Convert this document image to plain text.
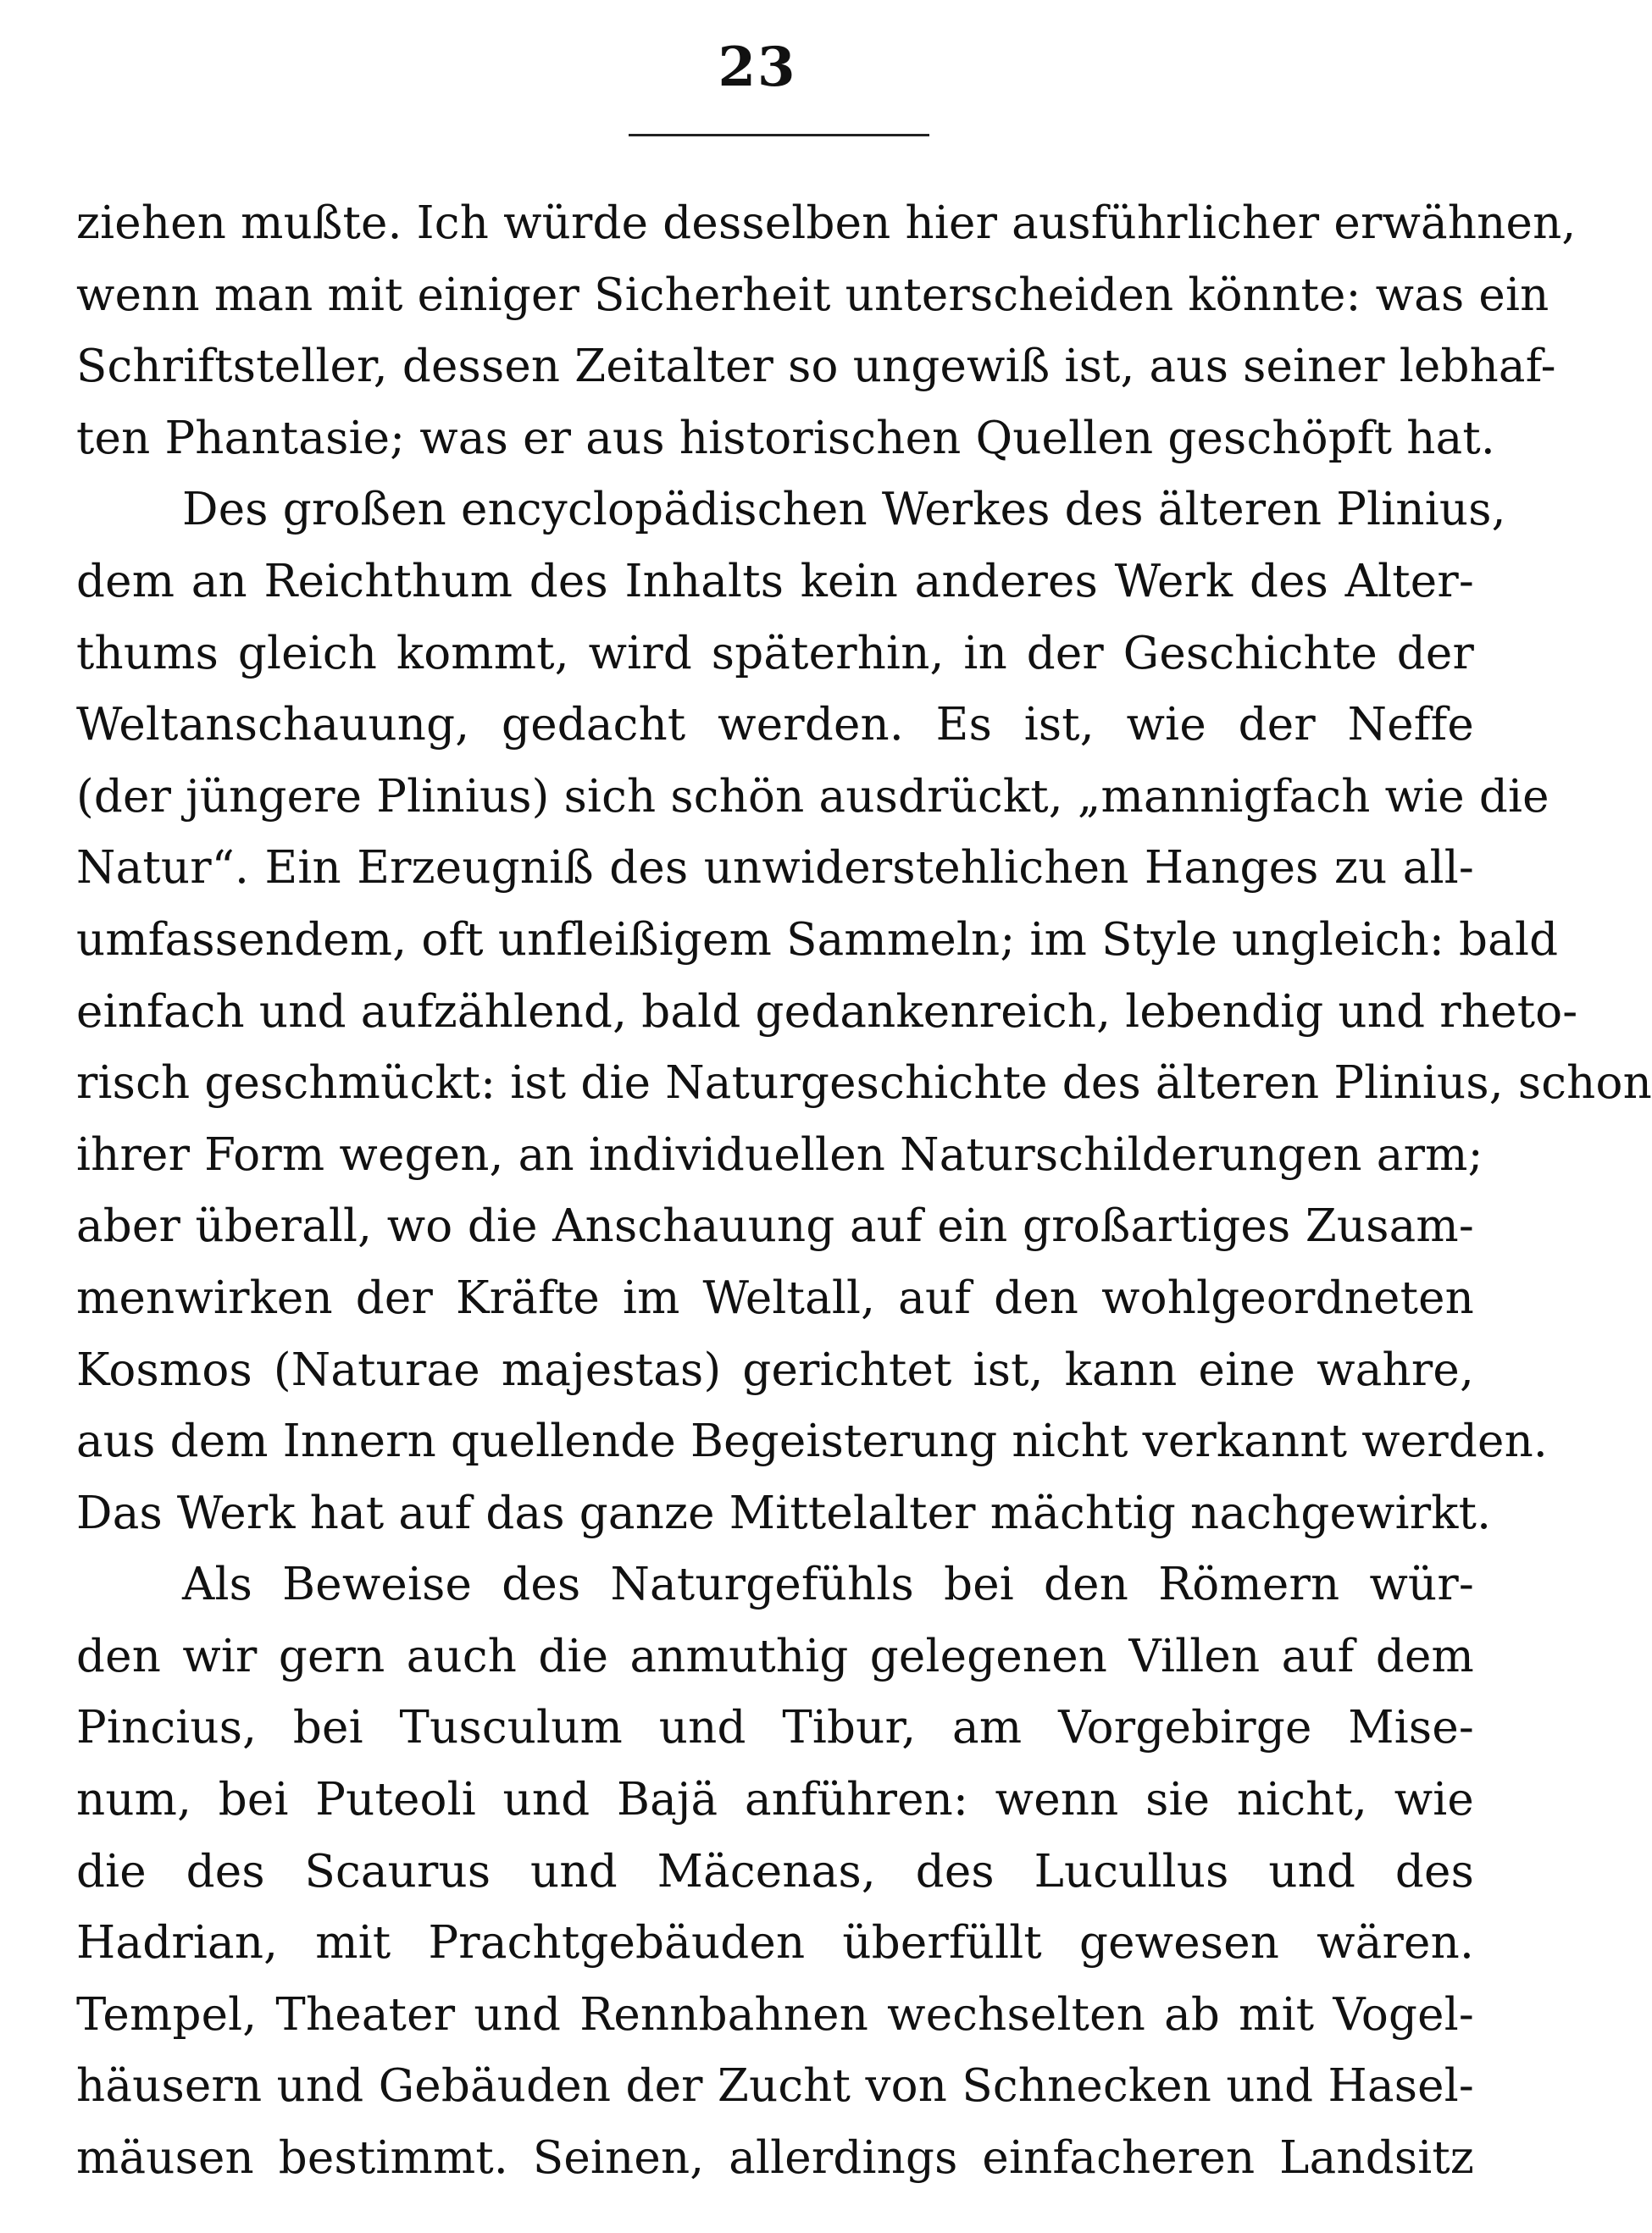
23
ziehen mußte. Ich würde desselben hier ausführlicher erwähnen,
wenn man mit einiger Sicherheit unterscheiden könnte: was ein
Schriftsteller, dessen Zeitalter so ungewiß ist, aus seiner lebhaf-
ten Phantasie; was er aus historischen Quellen geschöpft hat.
Des großen encyclopädischen Werkes des älteren Plinius,
dem an Reichthum des Inhalts kein anderes Werk des Alter-
thums gleich kommt, wird späterhin, in der Geschichte der
Weltanschauung, gedacht werden. Es ist, wie der Neffe
(der jüngere Plinius) sich schön ausdrückt, „mannigfach wie die
Natur“. Ein Erzeugniß des unwiderstehlichen Hanges zu all-
umfassendem, oft unfleißigem Sammeln; im Style ungleich: bald
einfach und aufzählend, bald gedankenreich, lebendig und rheto-
risch geschmückt: ist die Naturgeschichte des älteren Plinius, schon
ihrer Form wegen, an individuellen Naturschilderungen arm;
aber überall, wo die Anschauung auf ein großartiges Zusam-
menwirken der Kräfte im Weltall, auf den wohlgeordneten
Kosmos (Naturae majestas) gerichtet ist, kann eine wahre,
aus dem Innern quellende Begeisterung nicht verkannt werden.
Das Werk hat auf das ganze Mittelalter mächtig nachgewirkt.
Als Beweise des Naturgefühls bei den Römern wür-
den wir gern auch die anmuthig gelegenen Villen auf dem
Pincius, bei Tusculum und Tibur, am Vorgebirge Mise-
num, bei Puteoli und Bajä anführen: wenn sie nicht, wie
die des Scaurus und Mäcenas, des Lucullus und des
Hadrian, mit Prachtgebäuden überfüllt gewesen wären.
Tempel, Theater und Rennbahnen wechselten ab mit Vogel-
häusern und Gebäuden der Zucht von Schnecken und Hasel-
mäusen bestimmt. Seinen, allerdings einfacheren Landsitz
